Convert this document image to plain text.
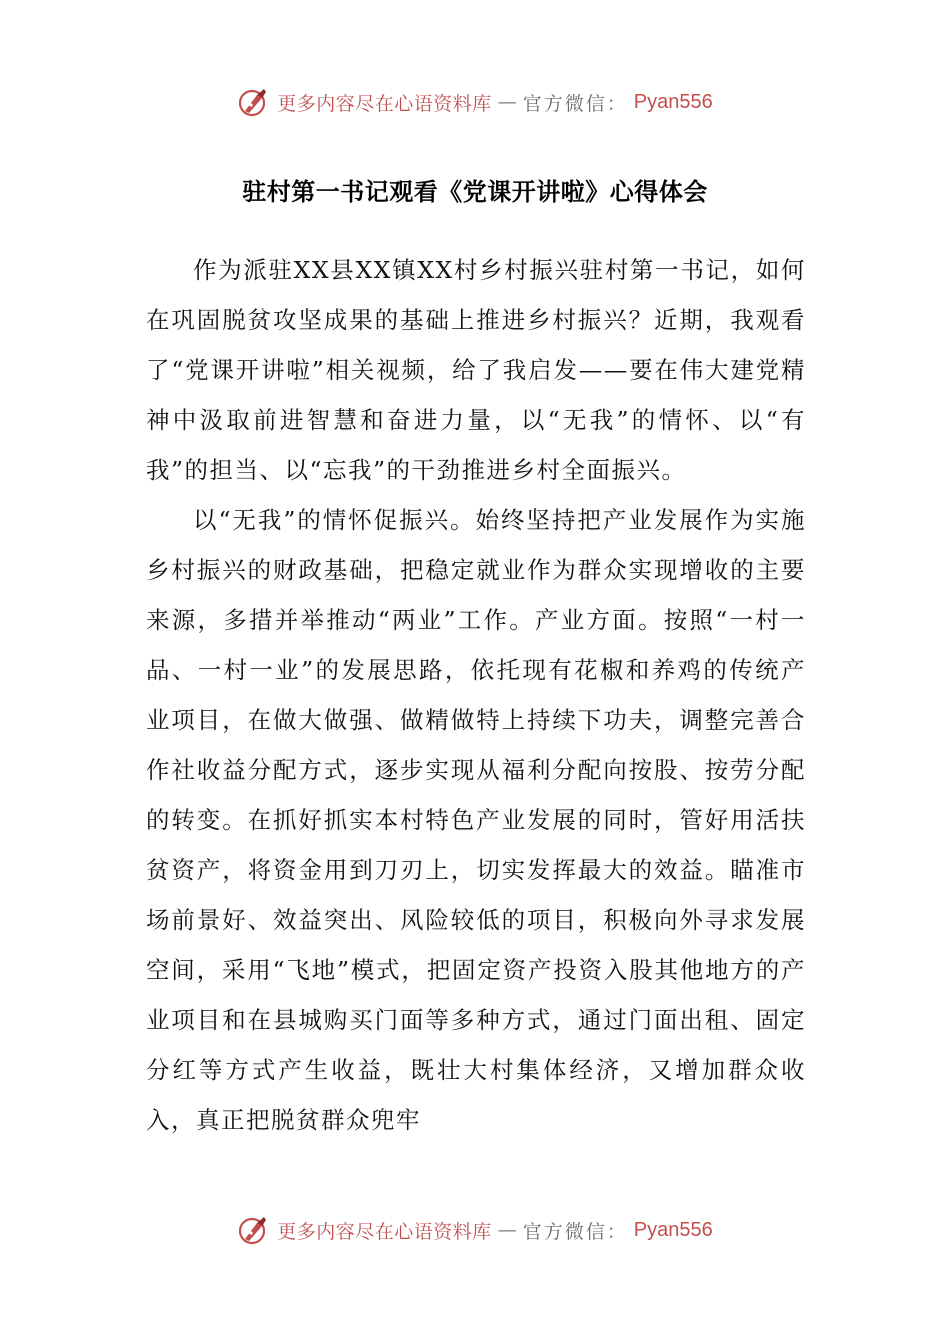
更多内容尽在心语资料库 — 官方微信： Pyan556
驻村第一书记观看《党课开讲啦》心得体会

作为派驻XX县XX镇XX村乡村振兴驻村第一书记，如何在巩固脱贫攻坚成果的基础上推进乡村振兴？近期，我观看了“党课开讲啦”相关视频，给了我启发——要在伟大建党精神中汲取前进智慧和奋进力量，以“无我”的情怀、以“有我”的担当、以“忘我”的干劲推进乡村全面振兴。

以“无我”的情怀促振兴。始终坚持把产业发展作为实施乡村振兴的财政基础，把稳定就业作为群众实现增收的主要来源，多措并举推动“两业”工作。产业方面。按照“一村一品、一村一业”的发展思路，依托现有花椒和养鸡的传统产业项目，在做大做强、做精做特上持续下功夫，调整完善合作社收益分配方式，逐步实现从福利分配向按股、按劳分配的转变。在抓好抓实本村特色产业发展的同时，管好用活扶贫资产，将资金用到刀刃上，切实发挥最大的效益。瞄准市场前景好、效益突出、风险较低的项目，积极向外寻求发展空间，采用“飞地”模式，把固定资产投资入股其他地方的产业项目和在县城购买门面等多种方式，通过门面出租、固定分红等方式产生收益，既壮大村集体经济，又增加群众收入，真正把脱贫群众兜牢

更多内容尽在心语资料库 — 官方微信： Pyan556
